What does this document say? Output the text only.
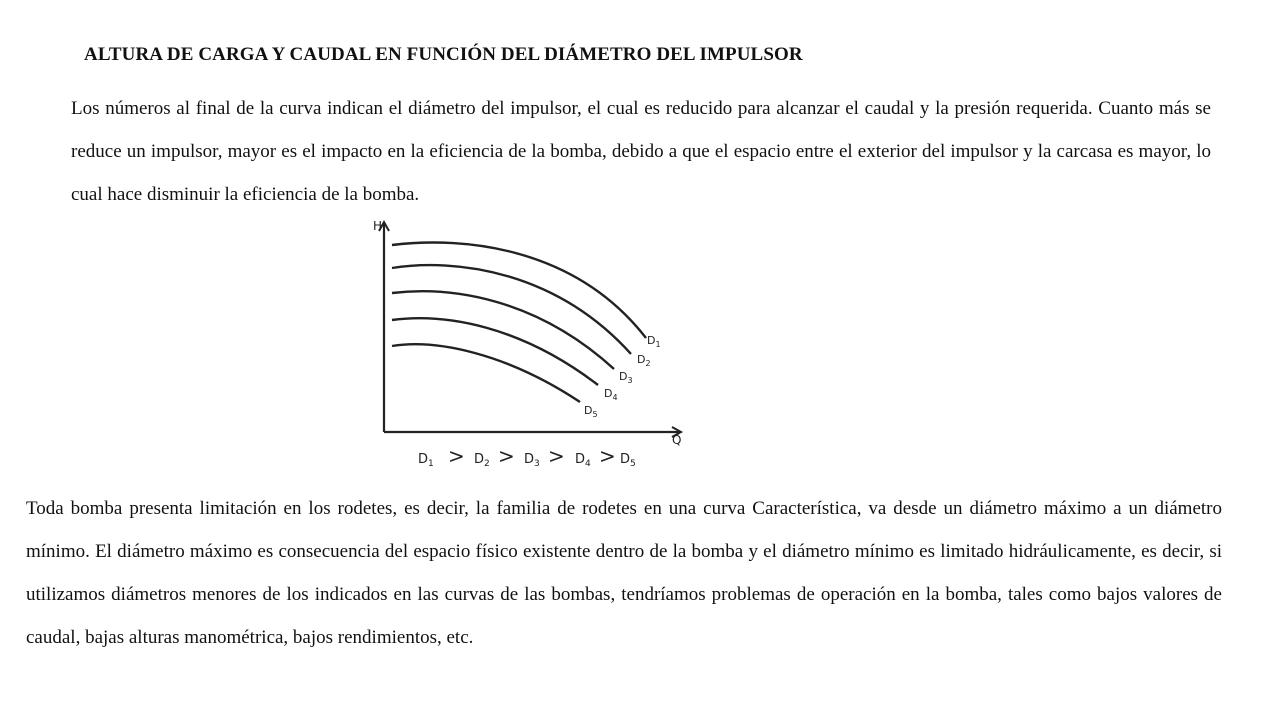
ALTURA DE CARGA Y CAUDAL EN FUNCIÓN DEL DIÁMETRO DEL IMPULSOR

Los números al final de la curva indican el diámetro del impulsor, el cual es reducido para alcanzar el caudal y la presión requerida. Cuanto más se reduce un impulsor, mayor es el impacto en la eficiencia de la bomba, debido a que el espacio entre el exterior del impulsor y la carcasa es mayor, lo cual hace disminuir la eficiencia de la bomba.

H
Q
$D_1$
$D_2$
$D_3$
$D_4$
$D_5$
$D_1 > D_2 > D_3 > D_4 > D_5$

Toda bomba presenta limitación en los rodetes, es decir, la familia de rodetes en una curva Característica, va desde un diámetro máximo a un diámetro mínimo. El diámetro máximo es consecuencia del espacio físico existente dentro de la bomba y el diámetro mínimo es limitado hidráulicamente, es decir, si utilizamos diámetros menores de los indicados en las curvas de las bombas, tendríamos problemas de operación en la bomba, tales como bajos valores de caudal, bajas alturas manométrica, bajos rendimientos, etc.
